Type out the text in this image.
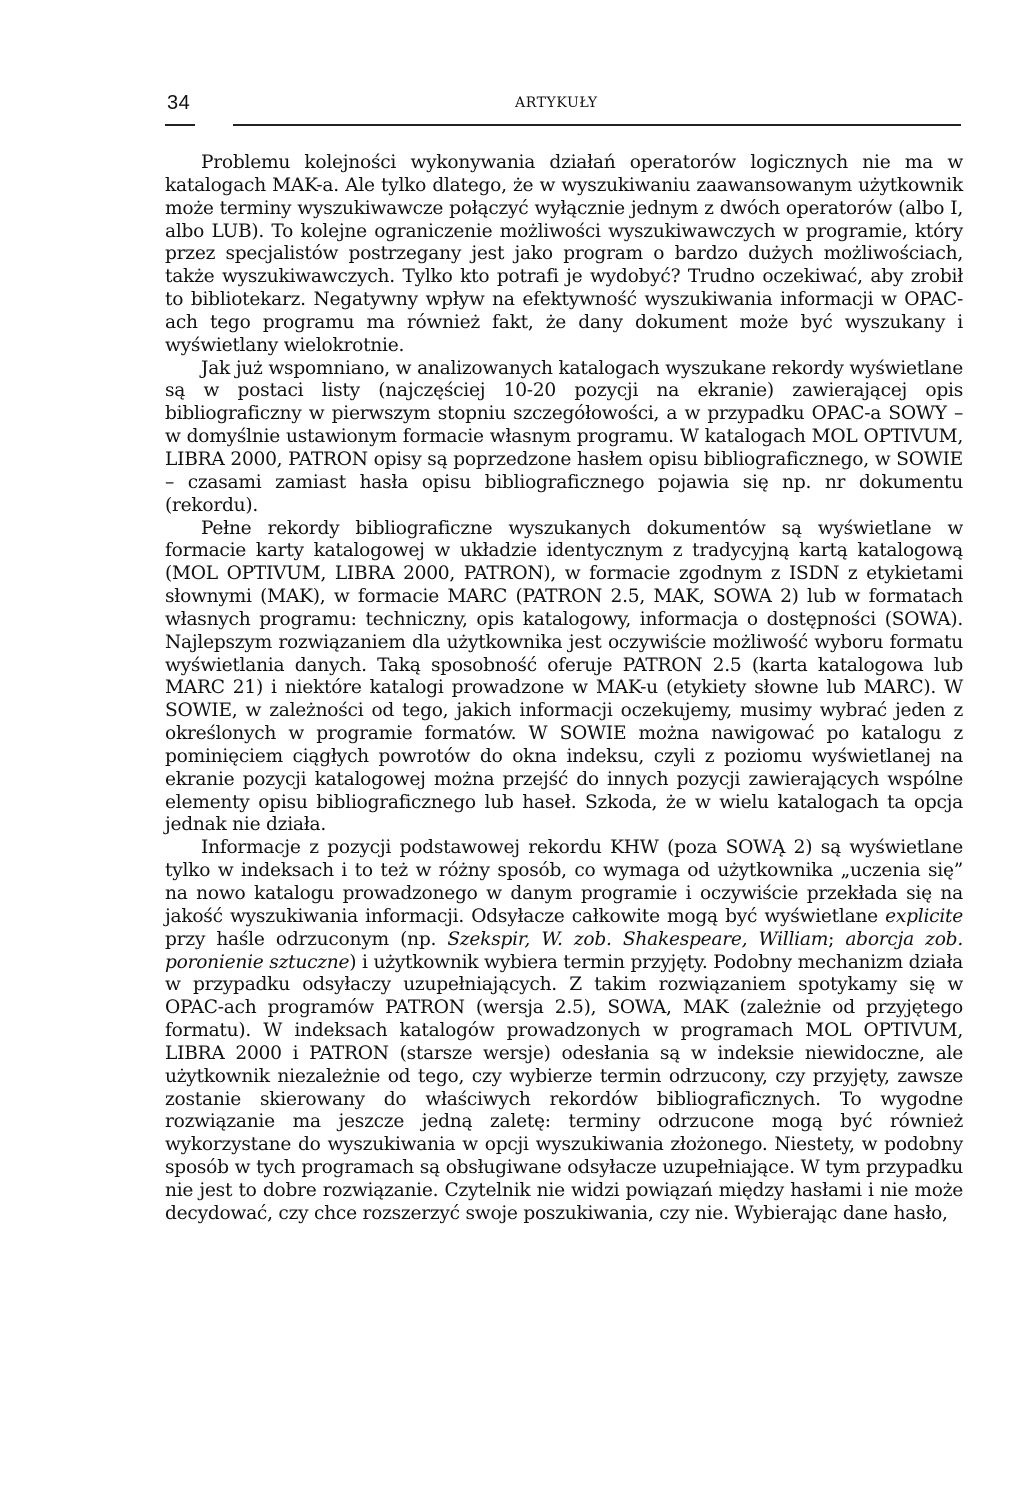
34	ARTYKUŁY

Problemu kolejności wykonywania działań operatorów logicznych nie ma w katalogach MAK-a. Ale tylko dlatego, że w wyszukiwaniu zaawansowanym użytkownik może terminy wyszukiwawcze połączyć wyłącznie jednym z dwóch operatorów (albo I, albo LUB). To kolejne ograniczenie możliwości wyszukiwawczych w programie, który przez specjalistów postrzegany jest jako program o bardzo dużych możliwościach, także wyszukiwawczych. Tylko kto potrafi je wydobyć? Trudno oczekiwać, aby zrobił to bibliotekarz. Negatywny wpływ na efektywność wyszukiwania informacji w OPAC-ach tego programu ma również fakt, że dany dokument może być wyszukany i wyświetlany wielokrotnie.

Jak już wspomniano, w analizowanych katalogach wyszukane rekordy wyświetlane są w postaci listy (najczęściej 10-20 pozycji na ekranie) zawierającej opis bibliograficzny w pierwszym stopniu szczegółowości, a w przypadku OPAC-a SOWY – w domyślnie ustawionym formacie własnym programu. W katalogach MOL OPTIVUM, LIBRA 2000, PATRON opisy są poprzedzone hasłem opisu bibliograficznego, w SOWIE – czasami zamiast hasła opisu bibliograficznego pojawia się np. nr dokumentu (rekordu).

Pełne rekordy bibliograficzne wyszukanych dokumentów są wyświetlane w formacie karty katalogowej w układzie identycznym z tradycyjną kartą katalogową (MOL OPTIVUM, LIBRA 2000, PATRON), w formacie zgodnym z ISDN z etykietami słownymi (MAK), w formacie MARC (PATRON 2.5, MAK, SOWA 2) lub w formatach własnych programu: techniczny, opis katalogowy, informacja o dostępności (SOWA). Najlepszym rozwiązaniem dla użytkownika jest oczywiście możliwość wyboru formatu wyświetlania danych. Taką sposobność oferuje PATRON 2.5 (karta katalogowa lub MARC 21) i niektóre katalogi prowadzone w MAK-u (etykiety słowne lub MARC). W SOWIE, w zależności od tego, jakich informacji oczekujemy, musimy wybrać jeden z określonych w programie formatów. W SOWIE można nawigować po katalogu z pominięciem ciągłych powrotów do okna indeksu, czyli z poziomu wyświetlanej na ekranie pozycji katalogowej można przejść do innych pozycji zawierających wspólne elementy opisu bibliograficznego lub haseł. Szkoda, że w wielu katalogach ta opcja jednak nie działa.

Informacje z pozycji podstawowej rekordu KHW (poza SOWĄ 2) są wyświetlane tylko w indeksach i to też w różny sposób, co wymaga od użytkownika „uczenia się” na nowo katalogu prowadzonego w danym programie i oczywiście przekłada się na jakość wyszukiwania informacji. Odsyłacze całkowite mogą być wyświetlane explicite przy haśle odrzuconym (np. Szekspir, W. zob. Shakespeare, William; aborcja zob. poronienie sztuczne) i użytkownik wybiera termin przyjęty. Podobny mechanizm działa w przypadku odsyłaczy uzupełniających. Z takim rozwiązaniem spotykamy się w OPAC-ach programów PATRON (wersja 2.5), SOWA, MAK (zależnie od przyjętego formatu). W indeksach katalogów prowadzonych w programach MOL OPTIVUM, LIBRA 2000 i PATRON (starsze wersje) odesłania są w indeksie niewidoczne, ale użytkownik niezależnie od tego, czy wybierze termin odrzucony, czy przyjęty, zawsze zostanie skierowany do właściwych rekordów bibliograficznych. To wygodne rozwiązanie ma jeszcze jedną zaletę: terminy odrzucone mogą być również wykorzystane do wyszukiwania w opcji wyszukiwania złożonego. Niestety, w podobny sposób w tych programach są obsługiwane odsyłacze uzupełniające. W tym przypadku nie jest to dobre rozwiązanie. Czytelnik nie widzi powiązań między hasłami i nie może decydować, czy chce rozszerzyć swoje poszukiwania, czy nie. Wybierając dane hasło,
